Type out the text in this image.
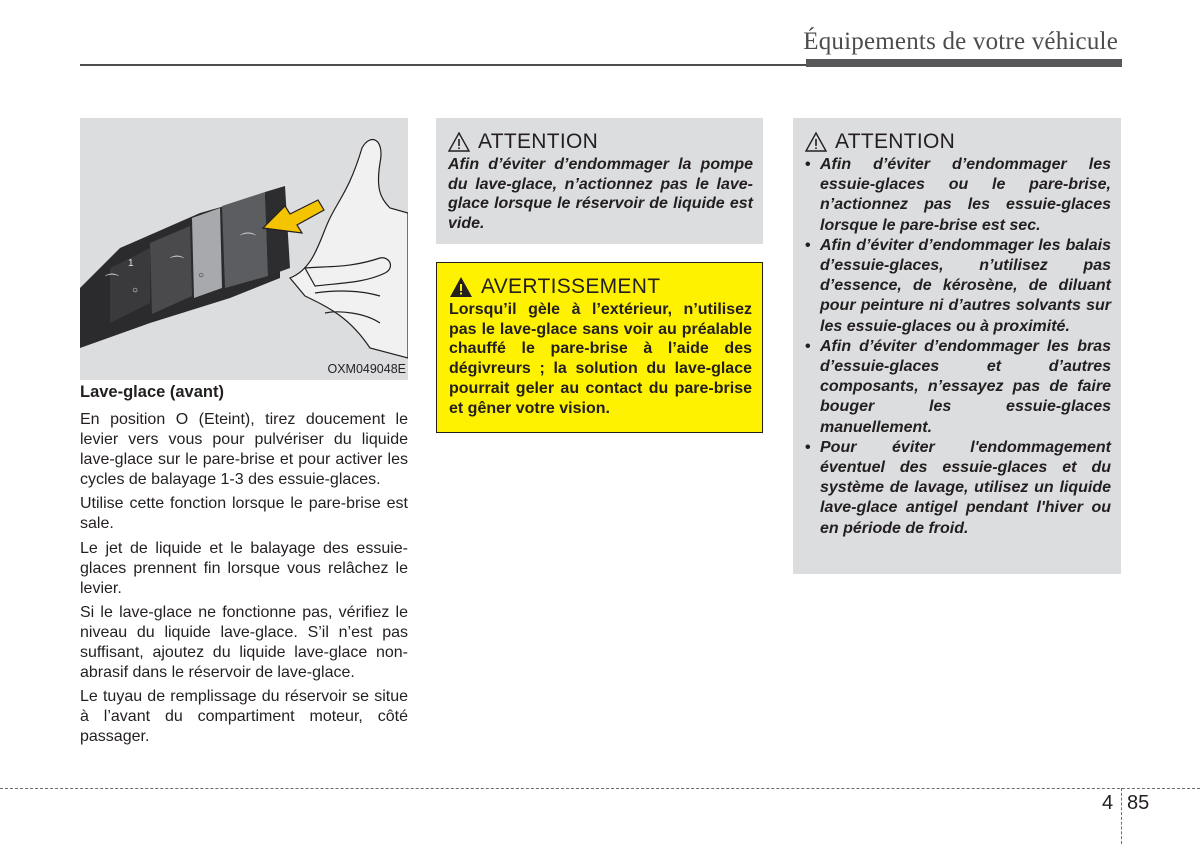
Équipements de votre véhicule
⌒
1
○
⌒
○
⌒
OXM049048E
Lave-glace (avant)

En position O (Eteint), tirez doucement le levier vers vous pour pulvériser du liquide lave-glace sur le pare-brise et pour activer les cycles de balayage 1-3 des essuie-glaces.

Utilise cette fonction lorsque le pare-brise est sale.

Le jet de liquide et le balayage des essuie-glaces prennent fin lorsque vous relâchez le levier.

Si le lave-glace ne fonctionne pas, vérifiez le niveau du liquide lave-glace. S’il n’est pas suffisant, ajoutez du liquide lave-glace non-abrasif dans le réservoir de lave-glace.

Le tuyau de remplissage du réservoir se situe à l’avant du compartiment moteur, côté passager.

ATTENTION

Afin d’éviter d’endommager la pompe du lave-glace, n’actionnez pas le lave-glace lorsque le réservoir de liquide est vide.

AVERTISSEMENT

Lorsqu’il gèle à l’extérieur, n’utilisez pas le lave-glace sans voir au préalable chauffé le pare-brise à l’aide des dégivreurs ; la solution du lave-glace pourrait geler au contact du pare-brise et gêner votre vision.

ATTENTION
• Afin d’éviter d’endommager les essuie-glaces ou le pare-brise, n’actionnez pas les essuie-glaces lorsque le pare-brise est sec.
• Afin d’éviter d’endommager les balais d’essuie-glaces, n’utilisez pas d’essence, de kérosène, de diluant pour peinture ni d’autres solvants sur les essuie-glaces ou à proximité.
• Afin d’éviter d’endommager les bras d’essuie-glaces et d’autres composants, n’essayez pas de faire bouger les essuie-glaces manuellement.
• Pour éviter l'endommagement éventuel des essuie-glaces et du système de lavage, utilisez un liquide lave-glace antigel pendant l'hiver ou en période de froid.
4 85
